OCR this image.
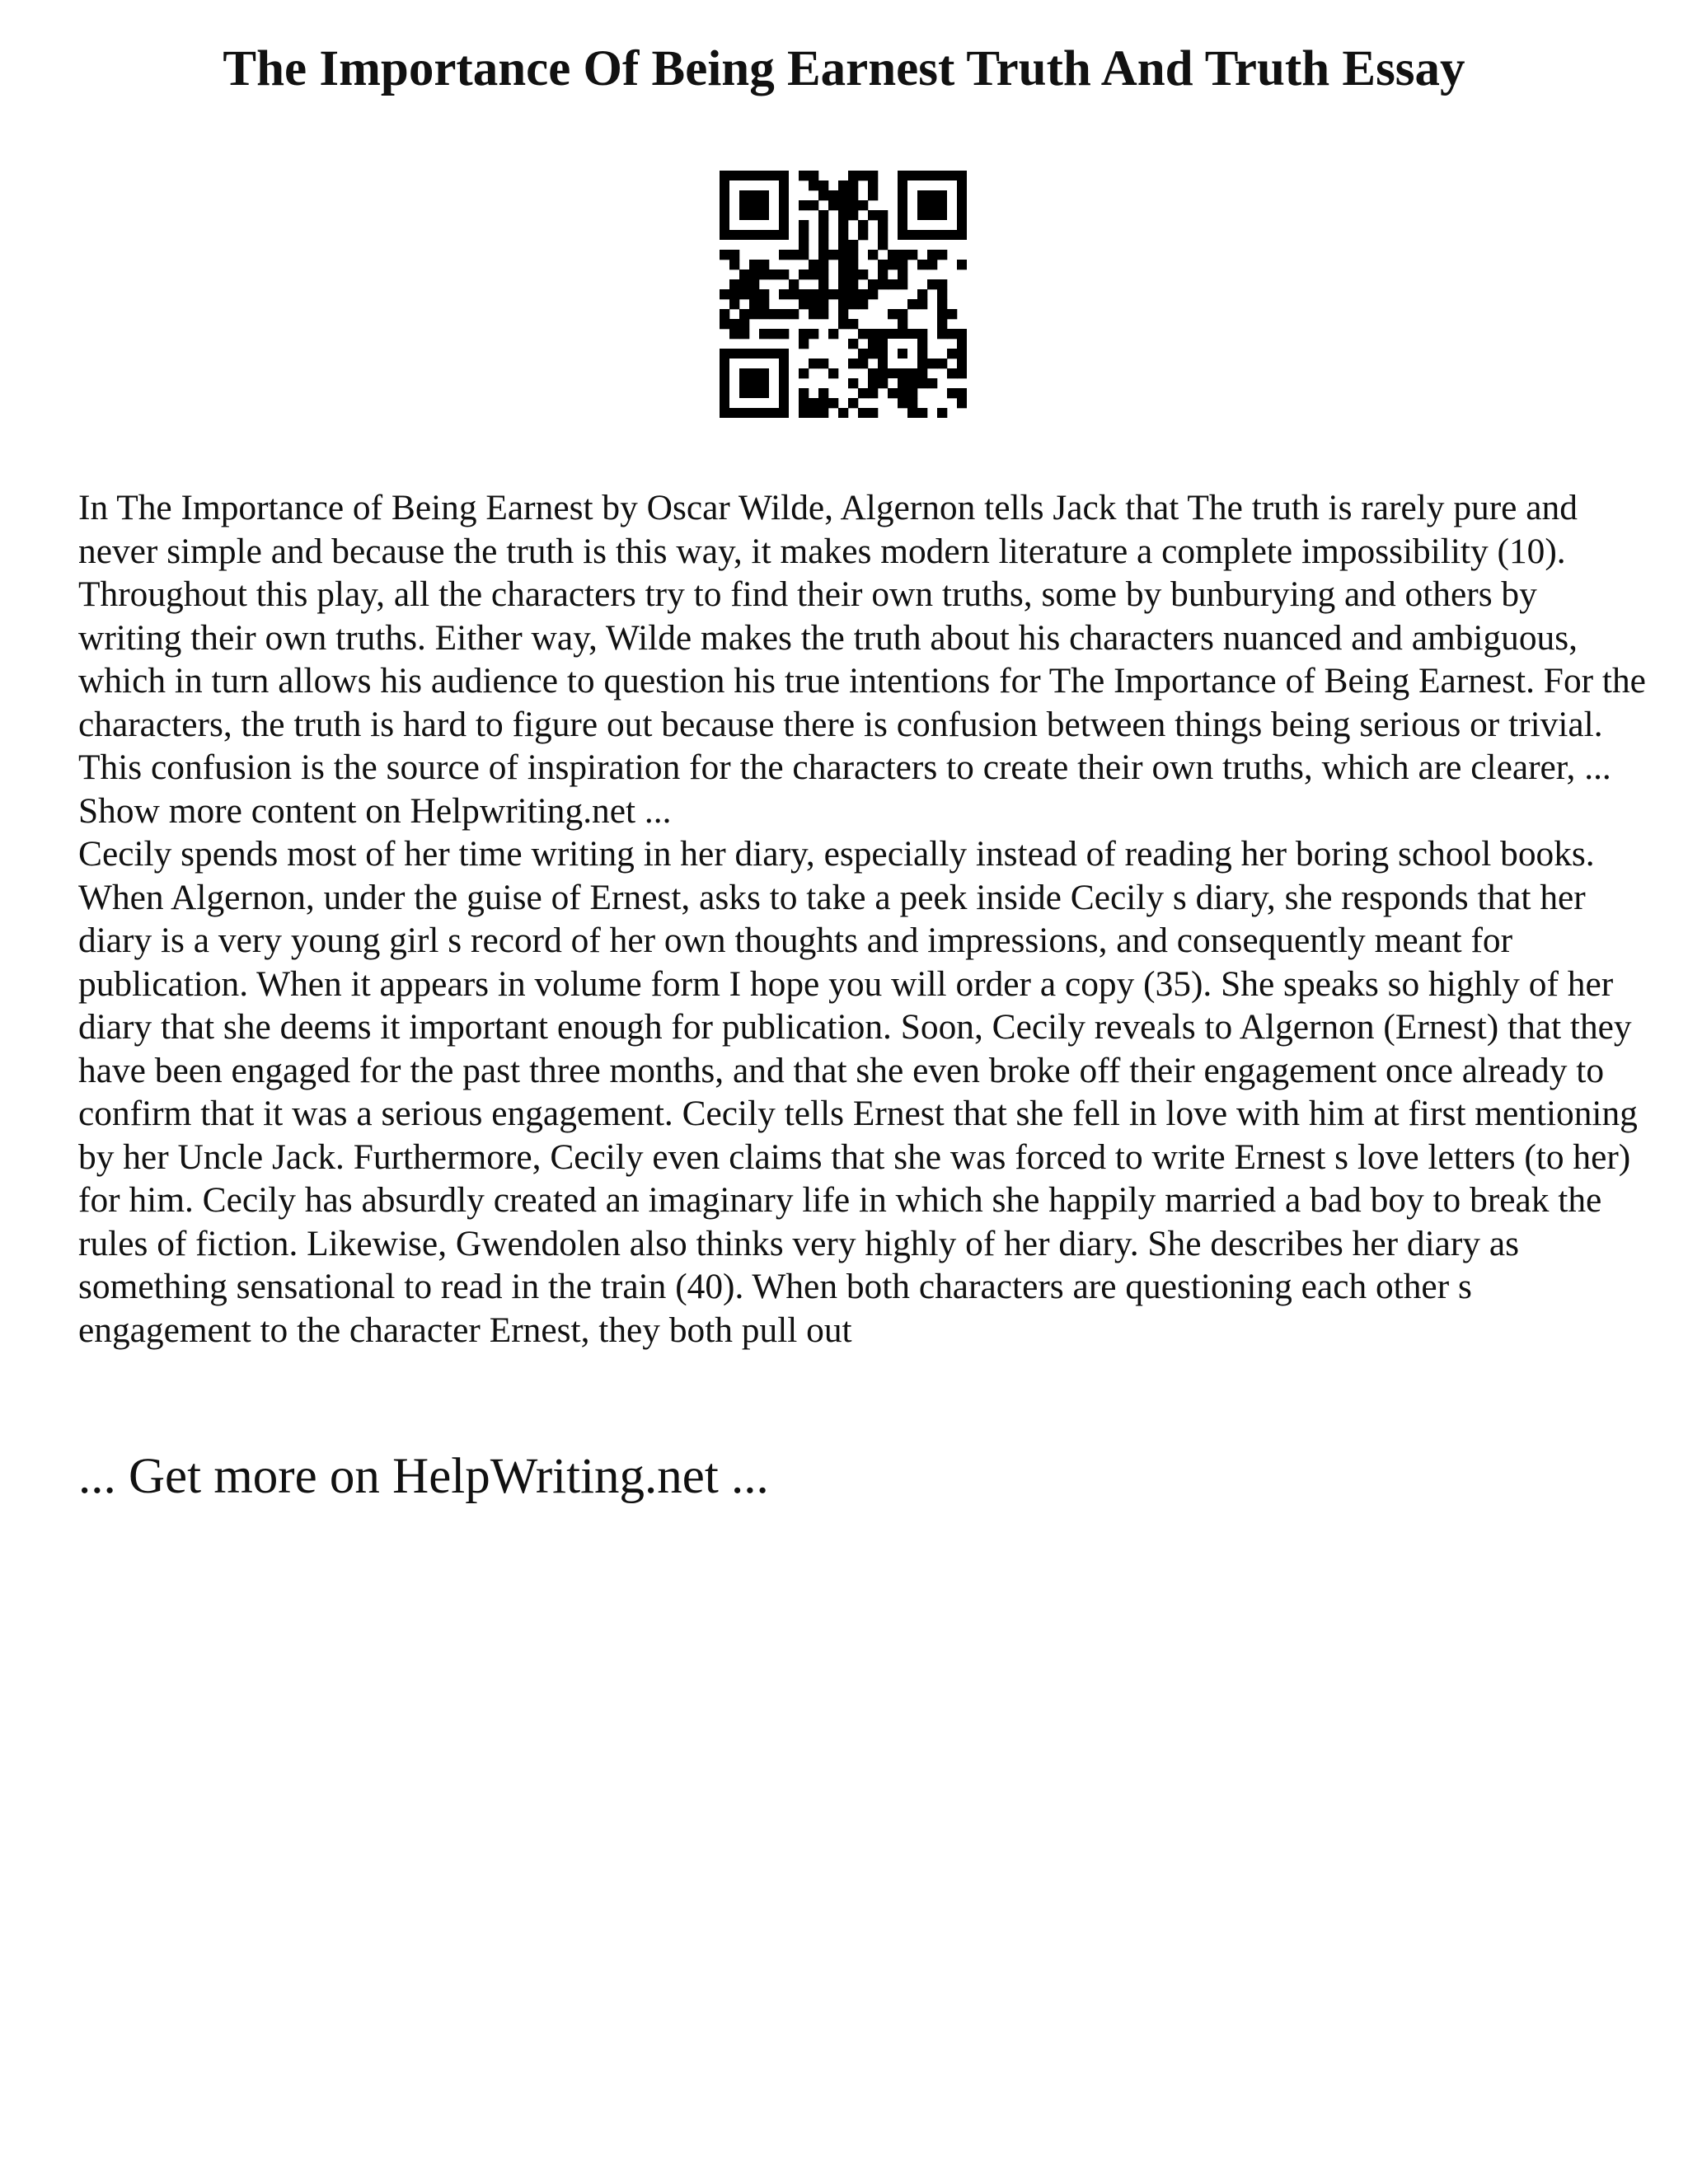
The Importance Of Being Earnest Truth And Truth Essay

In The Importance of Being Earnest by Oscar Wilde, Algernon tells Jack that The truth is rarely pure and never simple and because the truth is this way, it makes modern literature a complete impossibility (10). Throughout this play, all the characters try to find their own truths, some by bunburying and others by writing their own truths. Either way, Wilde makes the truth about his characters nuanced and ambiguous, which in turn allows his audience to question his true intentions for The Importance of Being Earnest. For the characters, the truth is hard to figure out because there is confusion between things being serious or trivial. This confusion is the source of inspiration for the characters to create their own truths, which are clearer, ... Show more content on Helpwriting.net ...

Cecily spends most of her time writing in her diary, especially instead of reading her boring school books. When Algernon, under the guise of Ernest, asks to take a peek inside Cecily s diary, she responds that her diary is a very young girl s record of her own thoughts and impressions, and consequently meant for publication. When it appears in volume form I hope you will order a copy (35). She speaks so highly of her diary that she deems it important enough for publication. Soon, Cecily reveals to Algernon (Ernest) that they have been engaged for the past three months, and that she even broke off their engagement once already to confirm that it was a serious engagement. Cecily tells Ernest that she fell in love with him at first mentioning by her Uncle Jack. Furthermore, Cecily even claims that she was forced to write Ernest s love letters (to her) for him. Cecily has absurdly created an imaginary life in which she happily married a bad boy to break the rules of fiction. Likewise, Gwendolen also thinks very highly of her diary. She describes her diary as something sensational to read in the train (40). When both characters are questioning each other s engagement to the character Ernest, they both pull out

... Get more on HelpWriting.net ...
